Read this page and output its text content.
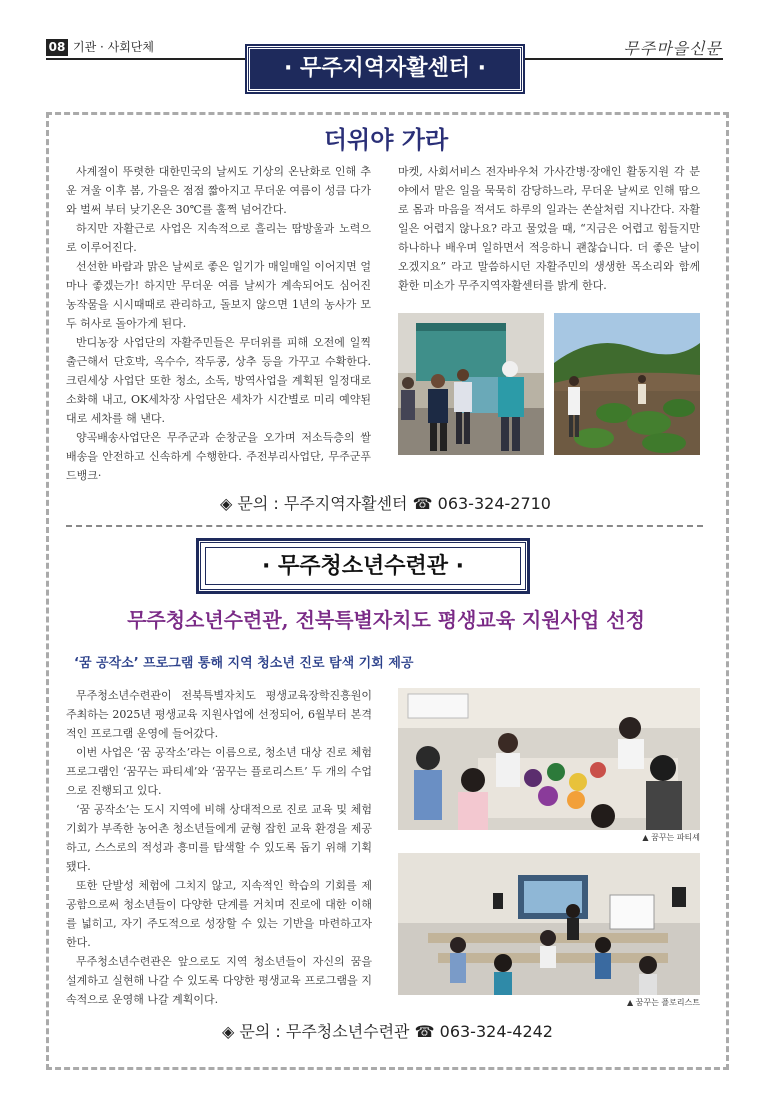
08 기관 · 사회단체	무주마을신문
· 무주지역자활센터 ·
더위야 가라

사계절이 뚜렷한 대한민국의 날씨도 기상의 온난화로 인해 추운 겨울 이후 봄, 가을은 점점 짧아지고 무더운 여름이 성큼 다가와 벌써 부터 낮기온은 30℃를 훌쩍 넘어간다.

하지만 자활근로 사업은 지속적으로 흘리는 땀방울과 노력으로 이루어진다.

선선한 바람과 맑은 날씨로 좋은 일기가 매일매일 이어지면 얼마나 좋겠는가! 하지만 무더운 여름 날씨가 계속되어도 심어진 농작물을 시시때때로 관리하고, 돌보지 않으면 1년의 농사가 모두 허사로 돌아가게 된다.

반디농장 사업단의 자활주민들은 무더위를 피해 오전에 일찍 출근해서 단호박, 옥수수, 작두콩, 상추 등을 가꾸고 수확한다. 크린세상 사업단 또한 청소, 소독, 방역사업을 계획된 일정대로 소화해 내고, OK세차장 사업단은 세차가 시간별로 미리 예약된 대로 세차를 해 낸다.

양곡배송사업단은 무주군과 순창군을 오가며 저소득층의 쌀 배송을 안전하고 신속하게 수행한다. 주전부리사업단, 무주군푸드뱅크·

마켓, 사회서비스 전자바우처 가사간병·장애인 활동지원 각 분야에서 맡은 일을 묵묵히 감당하느라, 무더운 날씨로 인해 땀으로 몸과 마음을 적셔도 하루의 일과는 쏜살처럼 지나간다. 자활일은 어렵지 않나요? 라고 물었을 때, “지금은 어렵고 힘들지만 하나하나 배우며 일하면서 적응하니 괜찮습니다. 더 좋은 날이 오겠지요” 라고 말씀하시던 자활주민의 생생한 목소리와 함께 환한 미소가 무주지역자활센터를 밝게 한다.

◈ 문의 : 무주지역자활센터 ☎ 063-324-2710
· 무주청소년수련관 ·
무주청소년수련관, 전북특별자치도 평생교육 지원사업 선정
‘꿈 공작소’ 프로그램 통해 지역 청소년 진로 탐색 기회 제공

무주청소년수련관이 전북특별자치도 평생교육장학진흥원이 주최하는 2025년 평생교육 지원사업에 선정되어, 6월부터 본격적인 프로그램 운영에 들어갔다.

이번 사업은 ‘꿈 공작소’라는 이름으로, 청소년 대상 진로 체험 프로그램인 ‘꿈꾸는 파티셰’와 ‘꿈꾸는 플로리스트’ 두 개의 수업으로 진행되고 있다.

‘꿈 공작소’는 도시 지역에 비해 상대적으로 진로 교육 및 체험 기회가 부족한 농어촌 청소년들에게 균형 잡힌 교육 환경을 제공하고, 스스로의 적성과 흥미를 탐색할 수 있도록 돕기 위해 기획됐다.

또한 단발성 체험에 그치지 않고, 지속적인 학습의 기회를 제공함으로써 청소년들이 다양한 단계를 거치며 진로에 대한 이해를 넓히고, 자기 주도적으로 성장할 수 있는 기반을 마련하고자 한다.

무주청소년수련관은 앞으로도 지역 청소년들이 자신의 꿈을 설계하고 실현해 나갈 수 있도록 다양한 평생교육 프로그램을 지속적으로 운영해 나갈 계획이다.

▲ 꿈꾸는 파티셰
▲ 꿈꾸는 플로리스트
◈ 문의 : 무주청소년수련관 ☎ 063-324-4242
